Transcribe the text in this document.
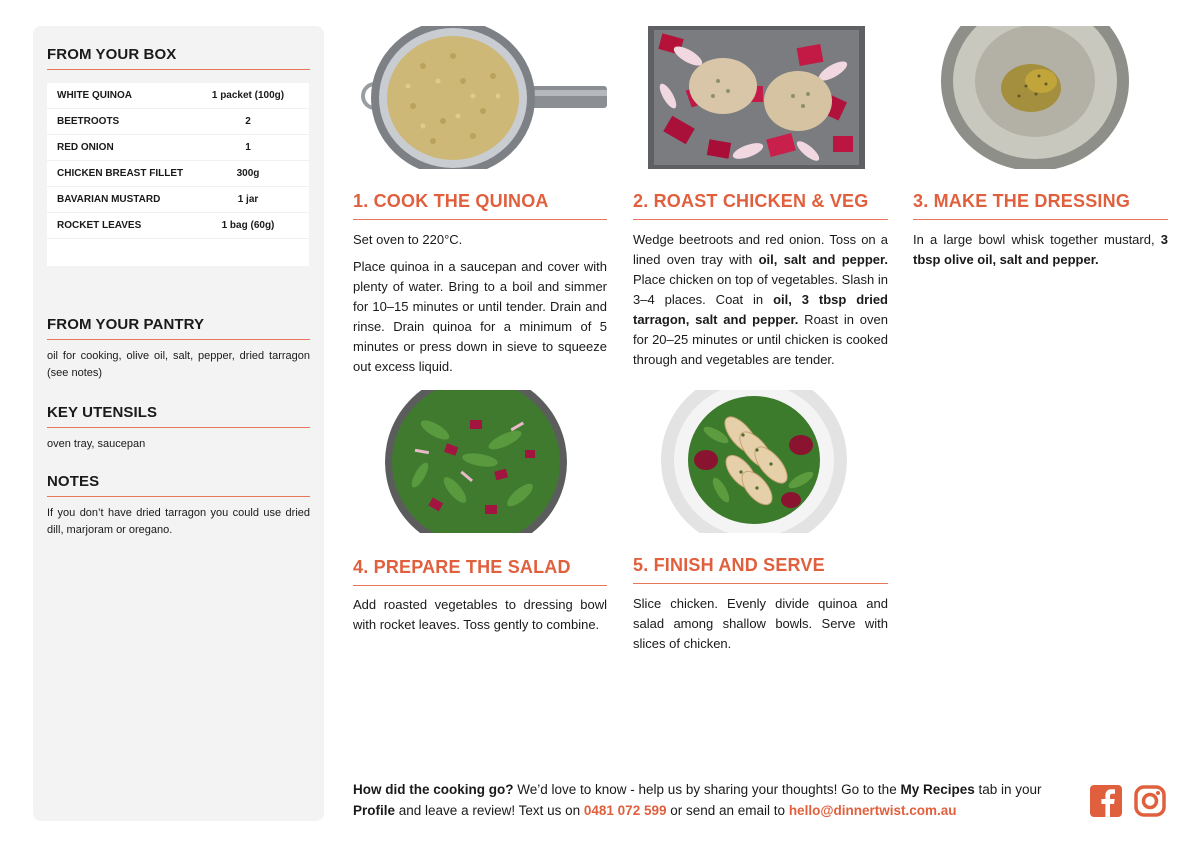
FROM YOUR BOX
WHITE QUINOA	1 packet (100g)
BEETROOTS	2
RED ONION	1
CHICKEN BREAST FILLET	300g
BAVARIAN MUSTARD	1 jar
ROCKET LEAVES	1 bag (60g)
FROM YOUR PANTRY
oil for cooking, olive oil, salt, pepper, dried tarragon (see notes)
KEY UTENSILS
oven tray, saucepan
NOTES
If you don’t have dried tarragon you could use dried dill, marjoram or oregano.
1. COOK THE QUINOA	2. ROAST CHICKEN & VEG	3. MAKE THE DRESSING
4. PREPARE THE SALAD	5. FINISH AND SERVE

Set oven to 220°C.

Place quinoa in a saucepan and cover with plenty of water. Bring to a boil and simmer for 10–15 minutes or until tender. Drain and rinse. Drain quinoa for a minimum of 5 minutes or press down in sieve to squeeze out excess liquid.

Wedge beetroots and red onion. Toss on a lined oven tray with oil, salt and pepper. Place chicken on top of vegetables. Slash in 3–4 places. Coat in oil, 3 tbsp dried tarragon, salt and pepper. Roast in oven for 20–25 minutes or until chicken is cooked through and vegetables are tender.

In a large bowl whisk together mustard, 3 tbsp olive oil, salt and pepper.

Add roasted vegetables to dressing bowl with rocket leaves. Toss gently to combine.

Slice chicken. Evenly divide quinoa and salad among shallow bowls. Serve with slices of chicken.

How did the cooking go? We’d love to know - help us by sharing your thoughts! Go to the My Recipes tab in your Profile and leave a review! Text us on 0481 072 599 or send an email to hello@dinnertwist.com.au
